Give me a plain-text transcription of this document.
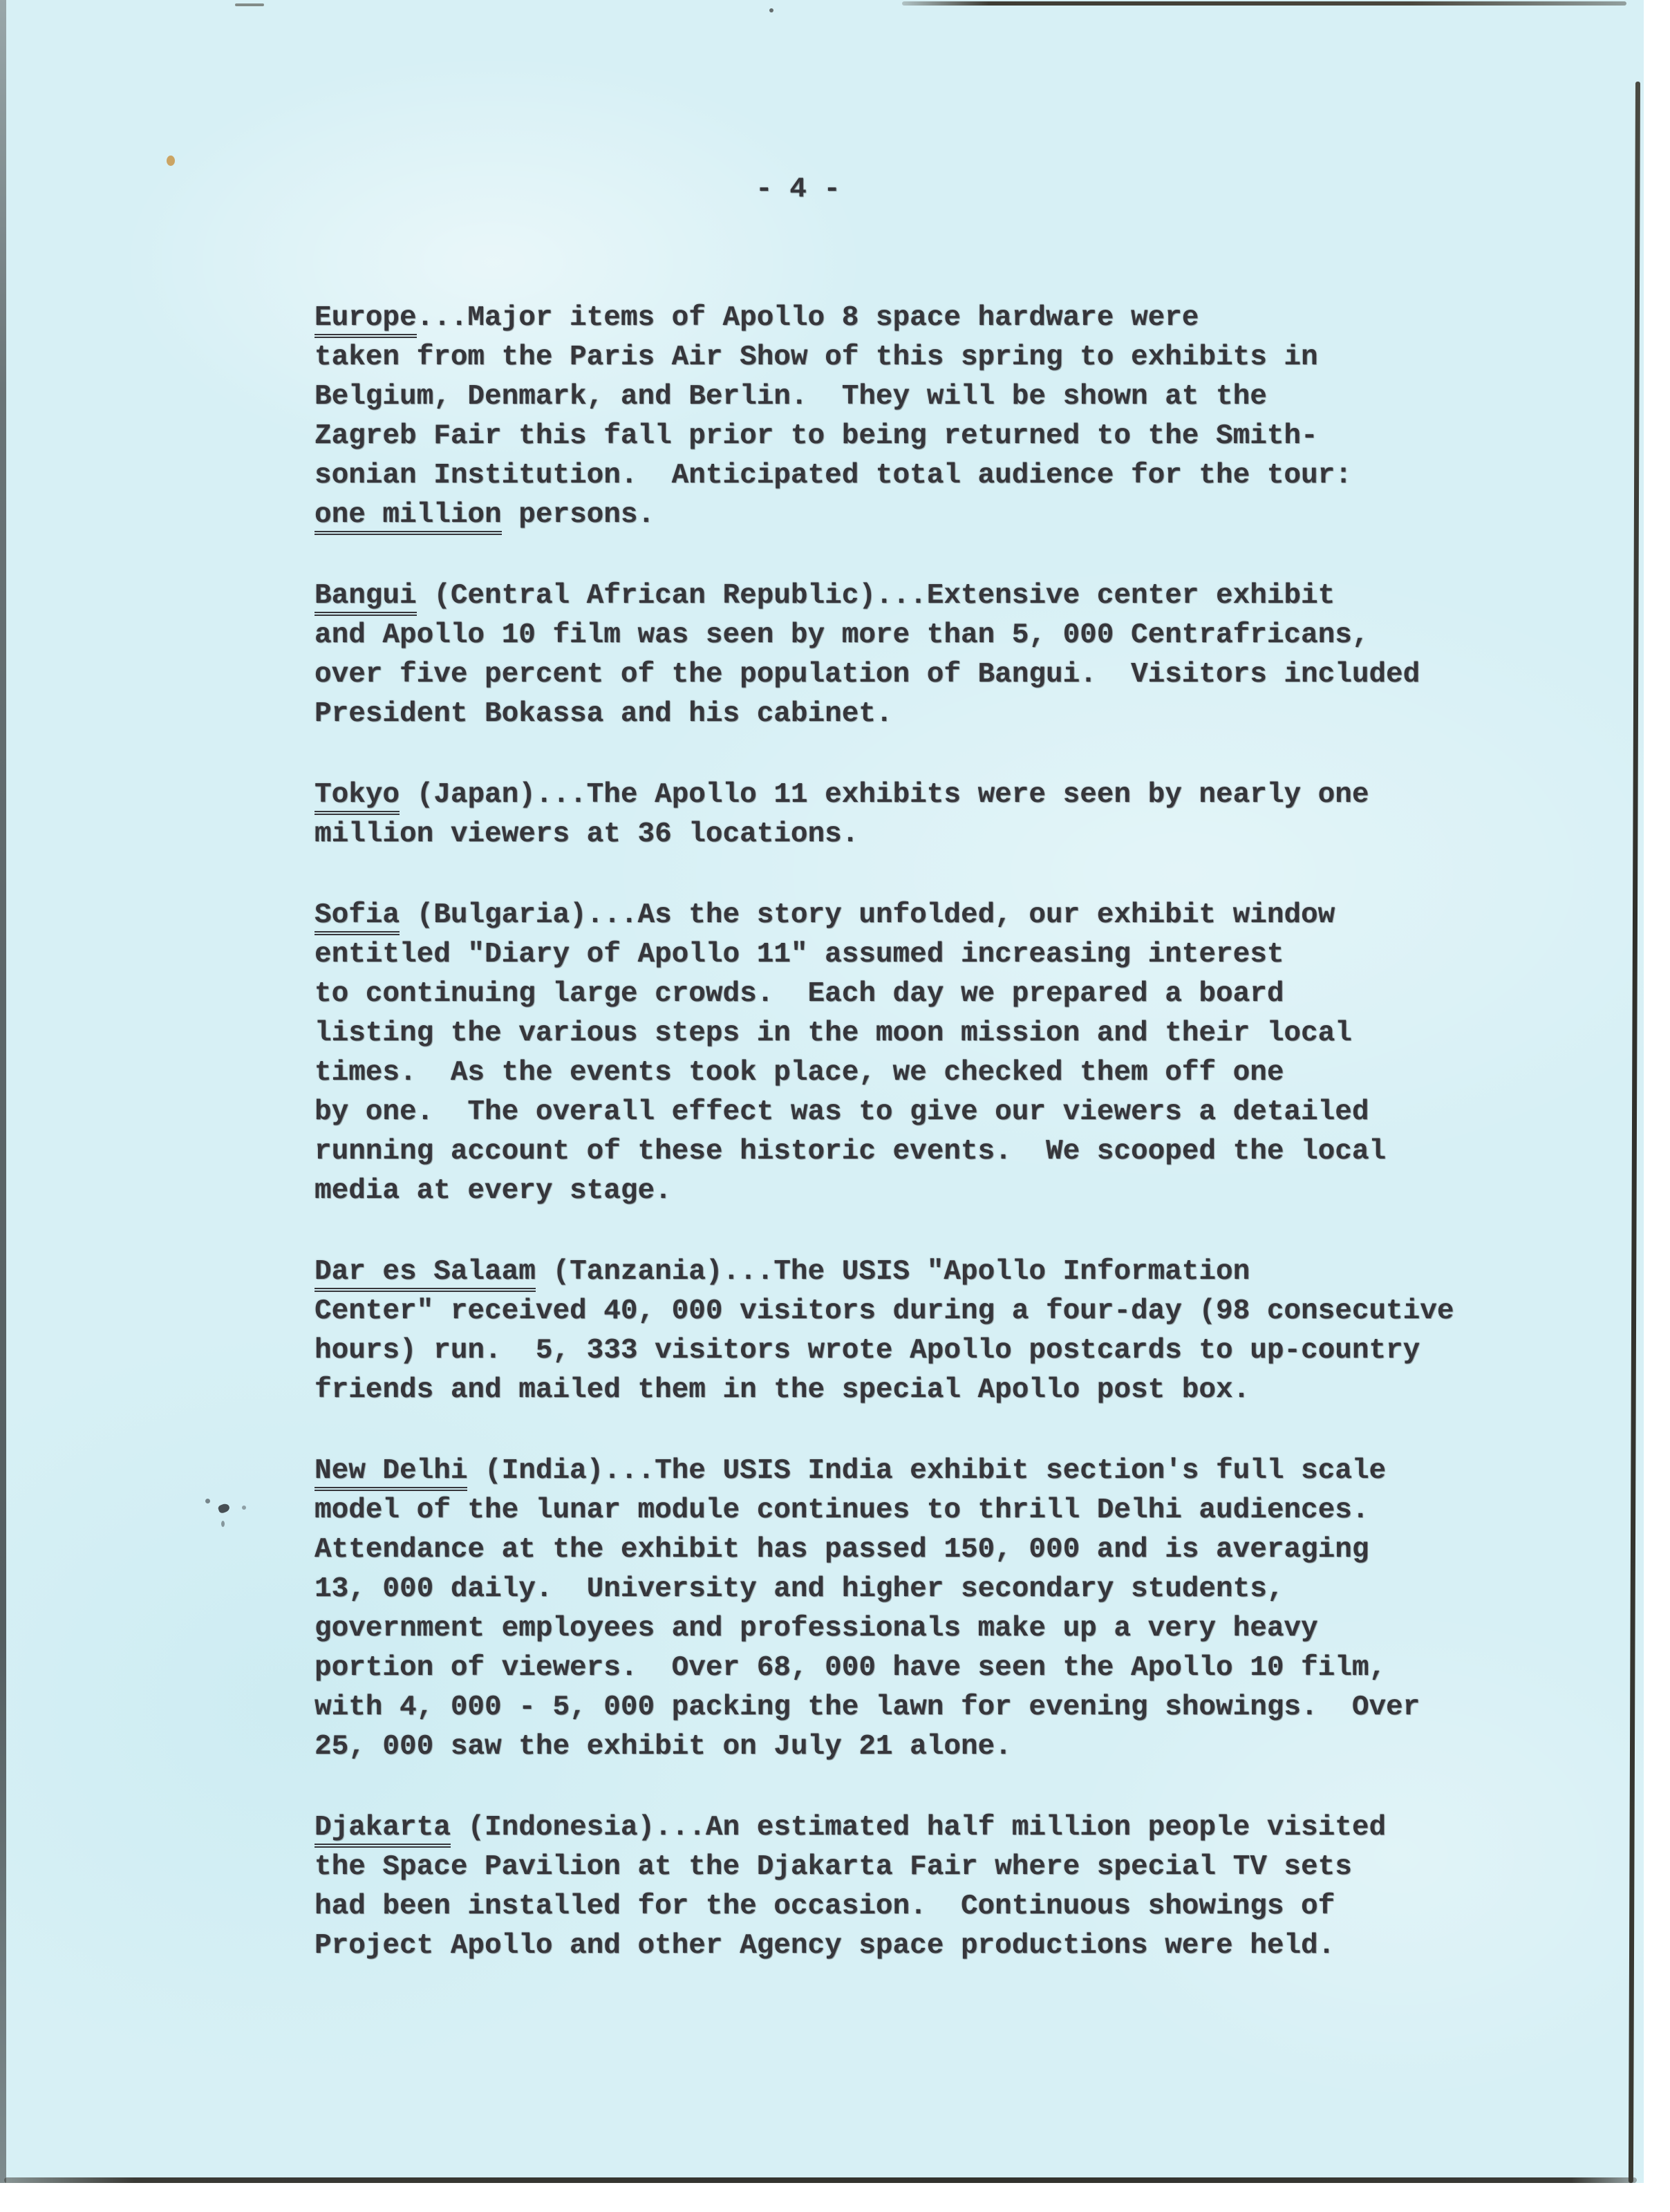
- 4 -

Europe...Major items of Apollo 8 space hardware were
taken from the Paris Air Show of this spring to exhibits in
Belgium, Denmark, and Berlin.  They will be shown at the
Zagreb Fair this fall prior to being returned to the Smith-
sonian Institution.  Anticipated total audience for the tour:
one million persons.

Bangui (Central African Republic)...Extensive center exhibit
and Apollo 10 film was seen by more than 5, 000 Centrafricans,
over five percent of the population of Bangui.  Visitors included
President Bokassa and his cabinet.

Tokyo (Japan)...The Apollo 11 exhibits were seen by nearly one
million viewers at 36 locations.

Sofia (Bulgaria)...As the story unfolded, our exhibit window
entitled "Diary of Apollo 11" assumed increasing interest
to continuing large crowds.  Each day we prepared a board
listing the various steps in the moon mission and their local
times.  As the events took place, we checked them off one
by one.  The overall effect was to give our viewers a detailed
running account of these historic events.  We scooped the local
media at every stage.

Dar es Salaam (Tanzania)...The USIS "Apollo Information
Center" received 40, 000 visitors during a four-day (98 consecutive
hours) run.  5, 333 visitors wrote Apollo postcards to up-country
friends and mailed them in the special Apollo post box.

New Delhi (India)...The USIS India exhibit section's full scale
model of the lunar module continues to thrill Delhi audiences.
Attendance at the exhibit has passed 150, 000 and is averaging
13, 000 daily.  University and higher secondary students,
government employees and professionals make up a very heavy
portion of viewers.  Over 68, 000 have seen the Apollo 10 film,
with 4, 000 - 5, 000 packing the lawn for evening showings.  Over
25, 000 saw the exhibit on July 21 alone.

Djakarta (Indonesia)...An estimated half million people visited
the Space Pavilion at the Djakarta Fair where special TV sets
had been installed for the occasion.  Continuous showings of
Project Apollo and other Agency space productions were held.
